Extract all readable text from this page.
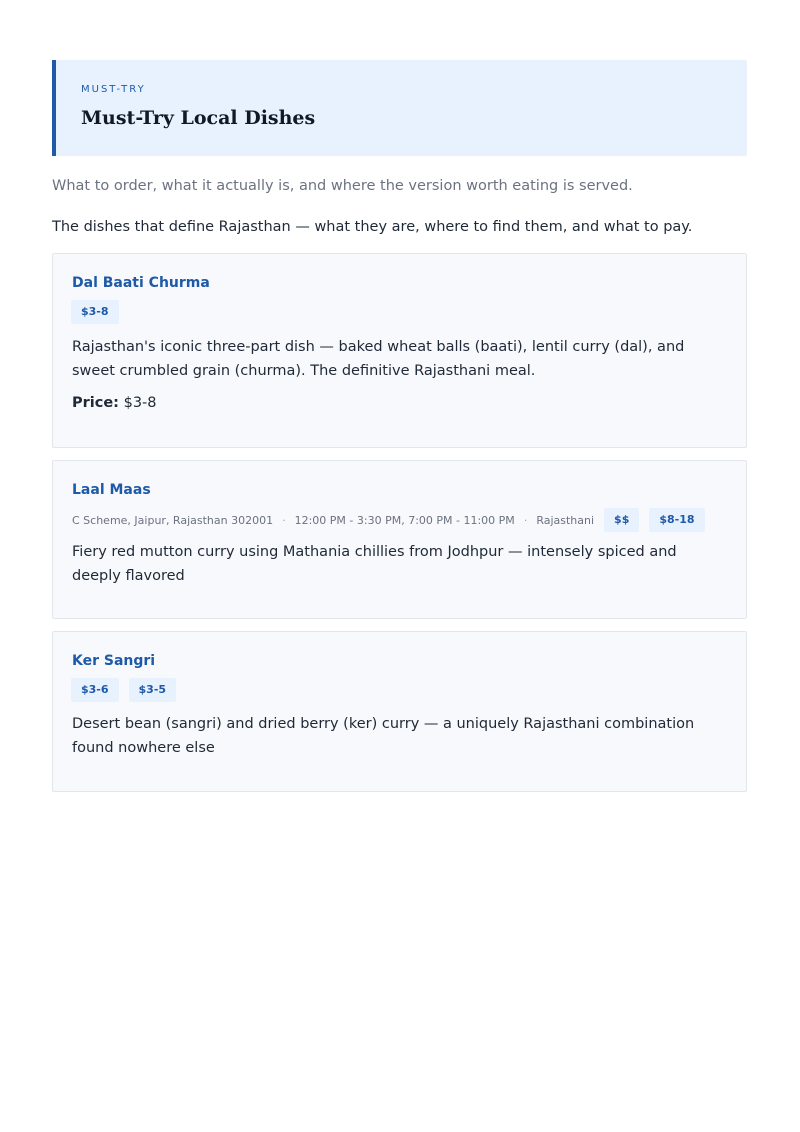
MUST-TRY
Must-Try Local Dishes

What to order, what it actually is, and where the version worth eating is served.

The dishes that define Rajasthan — what they are, where to find them, and what to pay.

Dal Baati Churma
$3-8

Rajasthan's iconic three-part dish — baked wheat balls (baati), lentil curry (dal), and sweet crumbled grain (churma). The definitive Rajasthani meal.

Price: $3-8

Laal Maas
C Scheme, Jaipur, Rajasthan 302001 · 12:00 PM - 3:30 PM, 7:00 PM - 11:00 PM · Rajasthani	$$	$8-18

Fiery red mutton curry using Mathania chillies from Jodhpur — intensely spiced and deeply flavored

Ker Sangri
$3-6	$3-5

Desert bean (sangri) and dried berry (ker) curry — a uniquely Rajasthani combination found nowhere else
